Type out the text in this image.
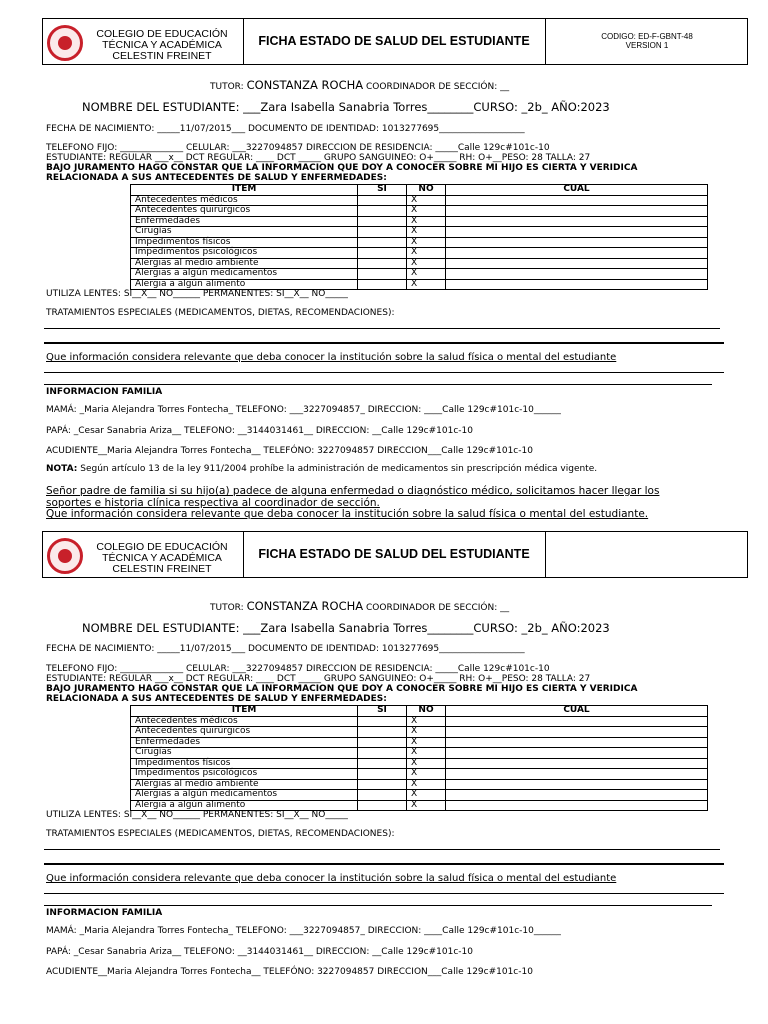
COLEGIO DE EDUCACIÓN
TÉCNICA Y ACADÉMICA
CELESTIN FREINET
FICHA ESTADO DE SALUD DEL ESTUDIANTE	CODIGO: ED-F-GBNT-48
VERSION 1
TUTOR: CONSTANZA ROCHA COORDINADOR DE SECCIÓN: __
NOMBRE DEL ESTUDIANTE: ___Zara Isabella Sanabria Torres________CURSO: _2b_ AÑO:2023
FECHA DE NACIMIENTO: _____11/07/2015___ DOCUMENTO DE IDENTIDAD: 1013277695___________________
TELEFONO FIJO: ______________ CELULAR: ___3227094857 DIRECCION DE RESIDENCIA: _____Calle 129c#101c-10
ESTUDIANTE: REGULAR ___x__ DCT REGULAR: ____ DCT _____ GRUPO SANGUINEO: O+_____ RH: O+__PESO: 28 TALLA: 27
BAJO JURAMENTO HAGO CONSTAR QUE LA INFORMACION QUE DOY A CONOCER SOBRE MI HIJO ES CIERTA Y VERIDICA
RELACIONADA A SUS ANTECEDENTES DE SALUD Y ENFERMEDADES:
ITEM	SI	NO	CUAL
Antecedentes médicos		X	
Antecedentes quirúrgicos		X	
Enfermedades		X	
Cirugías		X	
Impedimentos físicos		X	
Impedimentos psicológicos		X	
Alergias al medio ambiente		X	
Alergias a algún medicamentos		X	
Alergia a algún alimento		X	
UTILIZA LENTES: SI__X__ NO______ PERMANENTES: SI__X__ NO_____
TRATAMIENTOS ESPECIALES (MEDICAMENTOS, DIETAS, RECOMENDACIONES):
Que información considera relevante que deba conocer la institución sobre la salud física o mental del estudiante
INFORMACION FAMILIA
MAMÁ: _Maria Alejandra Torres Fontecha_ TELEFONO: ___3227094857_ DIRECCION: ____Calle 129c#101c-10______
PAPÁ: _Cesar Sanabria Ariza__ TELEFONO: __3144031461__ DIRECCION: __Calle 129c#101c-10
ACUDIENTE__Maria Alejandra Torres Fontecha__ TELEFÓNO: 3227094857 DIRECCION___Calle 129c#101c-10
NOTA: Según artículo 13 de la ley 911/2004 prohíbe la administración de medicamentos sin prescripción médica vigente.
Señor padre de familia si su hijo(a) padece de alguna enfermedad o diagnóstico médico, solicitamos hacer llegar los
soportes e historia clínica respectiva al coordinador de sección.
Que información considera relevante que deba conocer la institución sobre la salud física o mental del estudiante.
COLEGIO DE EDUCACIÓN
TÉCNICA Y ACADÉMICA
CELESTIN FREINET
FICHA ESTADO DE SALUD DEL ESTUDIANTE
TUTOR: CONSTANZA ROCHA COORDINADOR DE SECCIÓN: __
NOMBRE DEL ESTUDIANTE: ___Zara Isabella Sanabria Torres________CURSO: _2b_ AÑO:2023
FECHA DE NACIMIENTO: _____11/07/2015___ DOCUMENTO DE IDENTIDAD: 1013277695___________________
TELEFONO FIJO: ______________ CELULAR: ___3227094857 DIRECCION DE RESIDENCIA: _____Calle 129c#101c-10
ESTUDIANTE: REGULAR ___x__ DCT REGULAR: ____ DCT _____ GRUPO SANGUINEO: O+_____ RH: O+__PESO: 28 TALLA: 27
BAJO JURAMENTO HAGO CONSTAR QUE LA INFORMACION QUE DOY A CONOCER SOBRE MI HIJO ES CIERTA Y VERIDICA
RELACIONADA A SUS ANTECEDENTES DE SALUD Y ENFERMEDADES:
ITEM	SI	NO	CUAL
Antecedentes médicos		X	
Antecedentes quirúrgicos		X	
Enfermedades		X	
Cirugías		X	
Impedimentos físicos		X	
Impedimentos psicológicos		X	
Alergias al medio ambiente		X	
Alergias a algún medicamentos		X	
Alergia a algún alimento		X	
UTILIZA LENTES: SI__X__ NO______ PERMANENTES: SI__X__ NO_____
TRATAMIENTOS ESPECIALES (MEDICAMENTOS, DIETAS, RECOMENDACIONES):
Que información considera relevante que deba conocer la institución sobre la salud física o mental del estudiante
INFORMACION FAMILIA
MAMÁ: _Maria Alejandra Torres Fontecha_ TELEFONO: ___3227094857_ DIRECCION: ____Calle 129c#101c-10______
PAPÁ: _Cesar Sanabria Ariza__ TELEFONO: __3144031461__ DIRECCION: __Calle 129c#101c-10
ACUDIENTE__Maria Alejandra Torres Fontecha__ TELEFÓNO: 3227094857 DIRECCION___Calle 129c#101c-10
